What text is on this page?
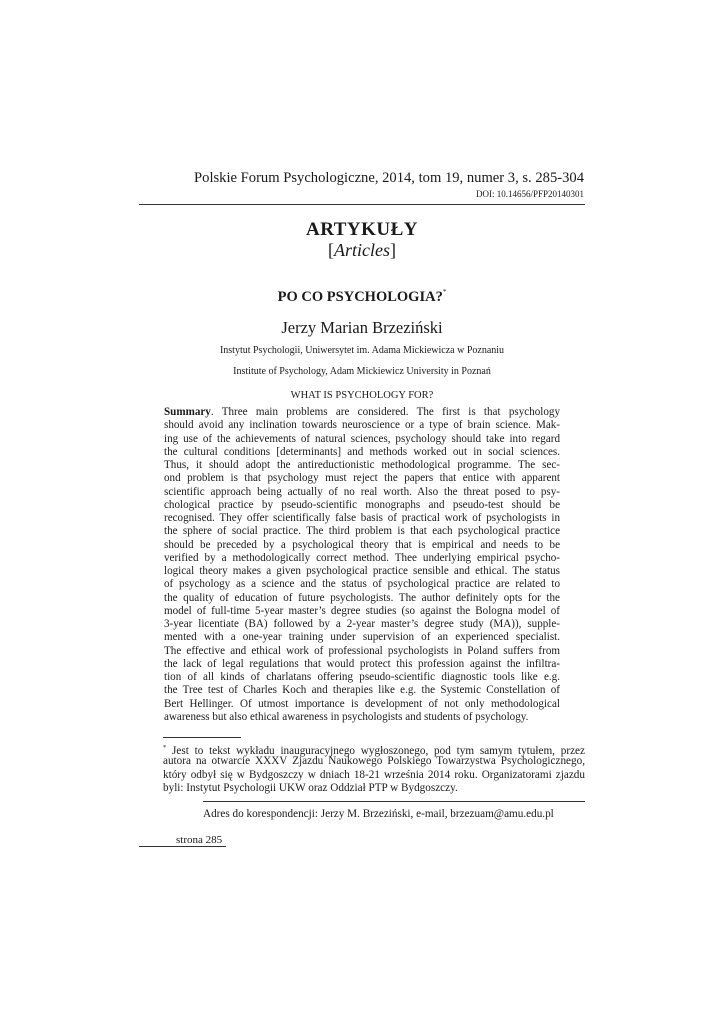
Polskie Forum Psychologiczne, 2014, tom 19, numer 3, s. 285-304
DOI: 10.14656/PFP20140301
ARTYKUŁY
[Articles]
PO CO PSYCHOLOGIA?*
Jerzy Marian Brzeziński
Instytut Psychologii, Uniwersytet im. Adama Mickiewicza w Poznaniu
Institute of Psychology, Adam Mickiewicz University in Poznań
WHAT IS PSYCHOLOGY FOR?
Summary. Three main problems are considered. The first is that psychology
should avoid any inclination towards neuroscience or a type of brain science. Mak-
ing use of the achievements of natural sciences, psychology should take into regard
the cultural conditions [determinants] and methods worked out in social sciences.
Thus, it should adopt the antireductionistic methodological programme. The sec-
ond problem is that psychology must reject the papers that entice with apparent
scientific approach being actually of no real worth. Also the threat posed to psy-
chological practice by pseudo-scientific monographs and pseudo-test should be
recognised. They offer scientifically false basis of practical work of psychologists in
the sphere of social practice. The third problem is that each psychological practice
should be preceded by a psychological theory that is empirical and needs to be
verified by a methodologically correct method. Thee underlying empirical psycho-
logical theory makes a given psychological practice sensible and ethical. The status
of psychology as a science and the status of psychological practice are related to
the quality of education of future psychologists. The author definitely opts for the
model of full-time 5-year master’s degree studies (so against the Bologna model of
3-year licentiate (BA) followed by a 2-year master’s degree study (MA)), supple-
mented with a one-year training under supervision of an experienced specialist.
The effective and ethical work of professional psychologists in Poland suffers from
the lack of legal regulations that would protect this profession against the infiltra-
tion of all kinds of charlatans offering pseudo-scientific diagnostic tools like e.g.
the Tree test of Charles Koch and therapies like e.g. the Systemic Constellation of
Bert Hellinger. Of utmost importance is development of not only methodological
awareness but also ethical awareness in psychologists and students of psychology.
* Jest to tekst wykładu inauguracyjnego wygłoszonego, pod tym samym tytułem, przez
autora na otwarcie XXXV Zjazdu Naukowego Polskiego Towarzystwa Psychologicznego,
który odbył się w Bydgoszczy w dniach 18-21 września 2014 roku. Organizatorami zjazdu
byli: Instytut Psychologii UKW oraz Oddział PTP w Bydgoszczy.
Adres do korespondencji: Jerzy M. Brzeziński, e-mail, brzezuam@amu.edu.pl
strona 285
